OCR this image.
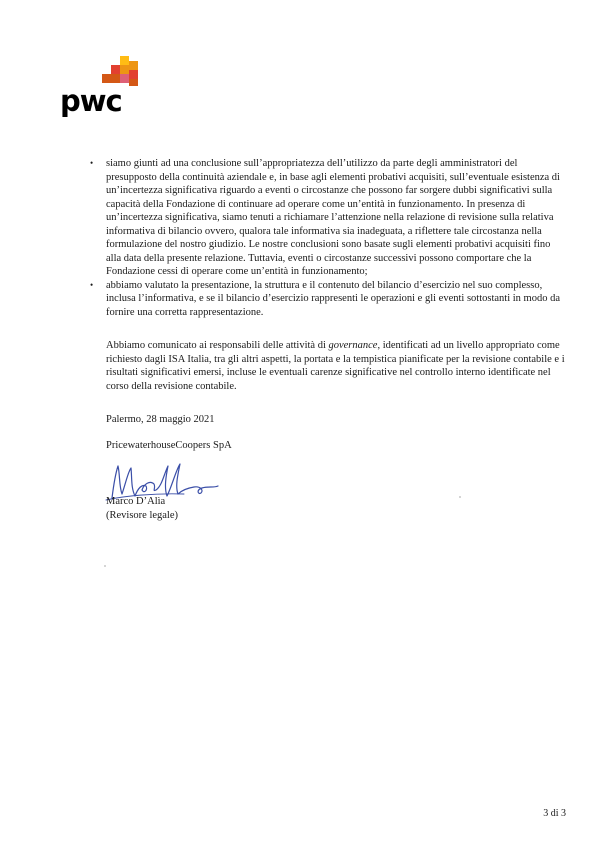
pwc
• siamo giunti ad una conclusione sull’appropriatezza dell’utilizzo da parte degli amministratori del presupposto della continuità aziendale e, in base agli elementi probativi acquisiti, sull’eventuale esistenza di un’incertezza significativa riguardo a eventi o circostanze che possono far sorgere dubbi significativi sulla capacità della Fondazione di continuare ad operare come un’entità in funzionamento. In presenza di un’incertezza significativa, siamo tenuti a richiamare l’attenzione nella relazione di revisione sulla relativa informativa di bilancio ovvero, qualora tale informativa sia inadeguata, a riflettere tale circostanza nella formulazione del nostro giudizio. Le nostre conclusioni sono basate sugli elementi probativi acquisiti fino alla data della presente relazione. Tuttavia, eventi o circostanze successivi possono comportare che la Fondazione cessi di operare come un’entità in funzionamento;
• abbiamo valutato la presentazione, la struttura e il contenuto del bilancio d’esercizio nel suo complesso, inclusa l’informativa, e se il bilancio d’esercizio rappresenti le operazioni e gli eventi sottostanti in modo da fornire una corretta rappresentazione.

Abbiamo comunicato ai responsabili delle attività di governance, identificati ad un livello appropriato come richiesto dagli ISA Italia, tra gli altri aspetti, la portata e la tempistica pianificate per la revisione contabile e i risultati significativi emersi, incluse le eventuali carenze significative nel controllo interno identificate nel corso della revisione contabile.

Palermo, 28 maggio 2021
PricewaterhouseCoopers SpA
Marco D’Alìa
(Revisore legale)
3 di 3
